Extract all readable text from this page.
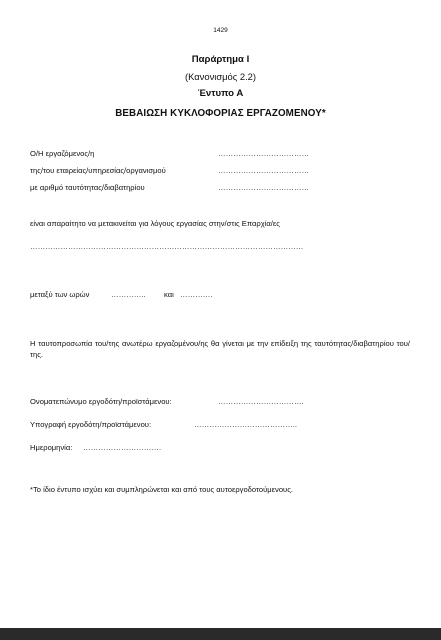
1429
Παράρτημα Ι
(Κανονισμός 2.2)
Έντυπο Α
ΒΕΒΑΙΩΣΗ ΚΥΚΛΟΦΟΡΙΑΣ ΕΡΓΑΖΟΜΕΝΟΥ*
Ο/Η εργαζόμενος/η	………………………………
της/του εταιρείας/υπηρεσίας/οργανισμού	………………………………
με αριθμό ταυτότητας/διαβατηρίου	………………………………
είναι απαραίτητο να μετακινείται για λόγους εργασίας στην/στις Επαρχία/ες
………………………………………………………………………………………………
μεταξύ των ωρών	………….. και ………….
Η ταυτοπροσωπία του/της ανωτέρω εργαζομένου/ης θα γίνεται με την επίδειξη της ταυτότητας/διαβατηρίου του/της.
Ονοματεπώνυμο εργοδότη/προϊστάμενου:	…………………………….
Υπογραφή εργοδότη/προϊστάμενου:	…………………………………..
Ημερομηνία: ………………………….
*Το ίδιο έντυπο ισχύει και συμπληρώνεται και από τους αυτοεργοδοτούμενους.
